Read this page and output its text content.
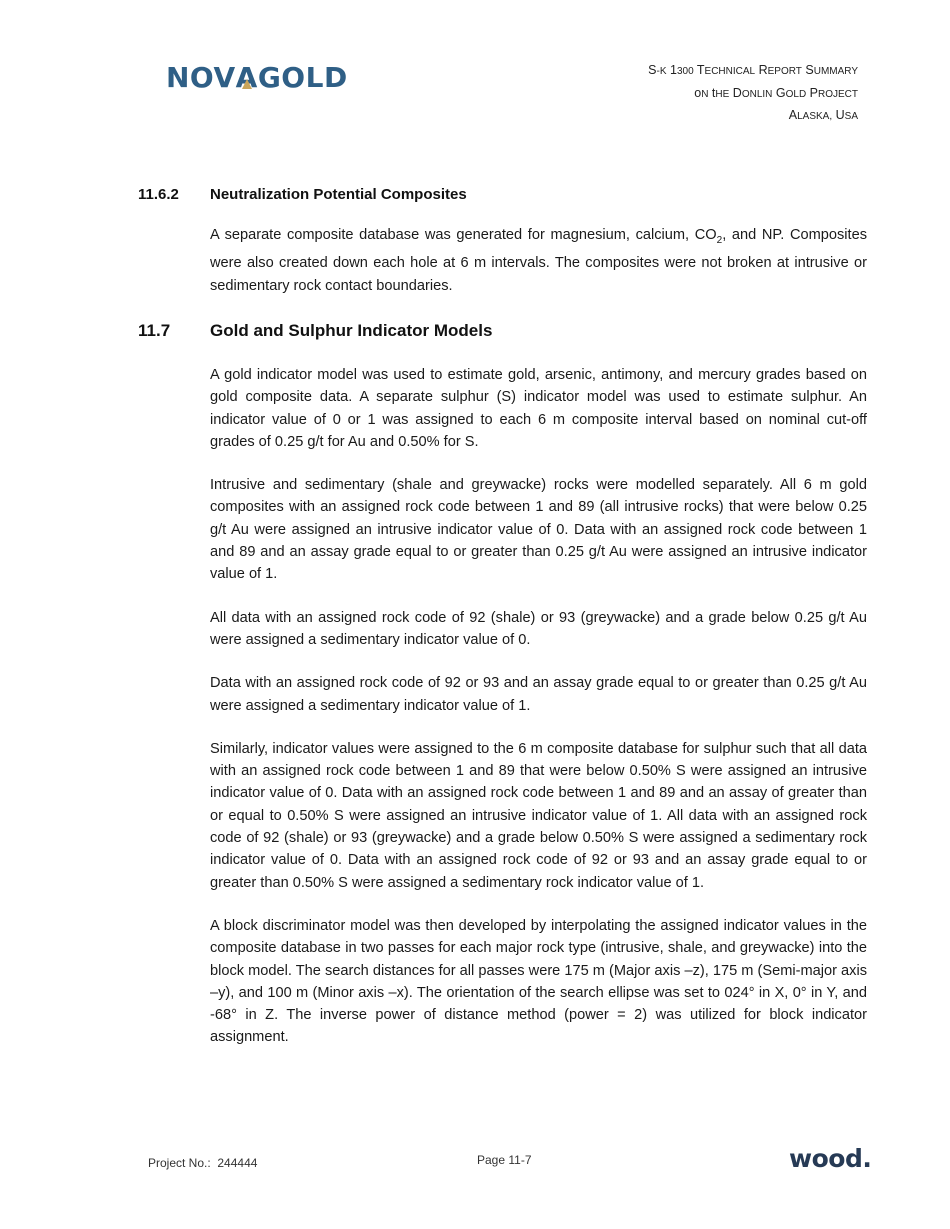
NOVA
GOLD	S-K 1300 TECHNICAL REPORT SUMMARY
oN tHE DONLIN GOLD PROJECT
ALASKA, USA
11.6.2	Neutralization Potential Composites

A separate composite database was generated for magnesium, calcium, $CO_2$, and NP. Composites were also created down each hole at 6 m intervals. The composites were not broken at intrusive or sedimentary rock contact boundaries.

11.7	Gold and Sulphur Indicator Models

A gold indicator model was used to estimate gold, arsenic, antimony, and mercury grades based on gold composite data. A separate sulphur (S) indicator model was used to estimate sulphur. An indicator value of 0 or 1 was assigned to each 6 m composite interval based on nominal cut-off grades of 0.25 g/t for Au and 0.50% for S.

Intrusive and sedimentary (shale and greywacke) rocks were modelled separately. All 6 m gold composites with an assigned rock code between 1 and 89 (all intrusive rocks) that were below 0.25 g/t Au were assigned an intrusive indicator value of 0. Data with an assigned rock code between 1 and 89 and an assay grade equal to or greater than 0.25 g/t Au were assigned an intrusive indicator value of 1.

All data with an assigned rock code of 92 (shale) or 93 (greywacke) and a grade below 0.25 g/t Au were assigned a sedimentary indicator value of 0.

Data with an assigned rock code of 92 or 93 and an assay grade equal to or greater than 0.25 g/t Au were assigned a sedimentary indicator value of 1.

Similarly, indicator values were assigned to the 6 m composite database for sulphur such that all data with an assigned rock code between 1 and 89 that were below 0.50% S were assigned an intrusive indicator value of 0. Data with an assigned rock code between 1 and 89 and an assay of greater than or equal to 0.50% S were assigned an intrusive indicator value of 1. All data with an assigned rock code of 92 (shale) or 93 (greywacke) and a grade below 0.50% S were assigned a sedimentary rock indicator value of 0. Data with an assigned rock code of 92 or 93 and an assay grade equal to or greater than 0.50% S were assigned a sedimentary rock indicator value of 1.

A block discriminator model was then developed by interpolating the assigned indicator values in the composite database in two passes for each major rock type (intrusive, shale, and greywacke) into the block model. The search distances for all passes were 175 m (Major axis –z), 175 m (Semi-major axis –y), and 100 m (Minor axis –x). The orientation of the search ellipse was set to 024° in X, 0° in Y, and -68° in Z. The inverse power of distance method (power = 2) was utilized for block indicator assignment.

Project No.: 244444	Page 11-7	wood.
